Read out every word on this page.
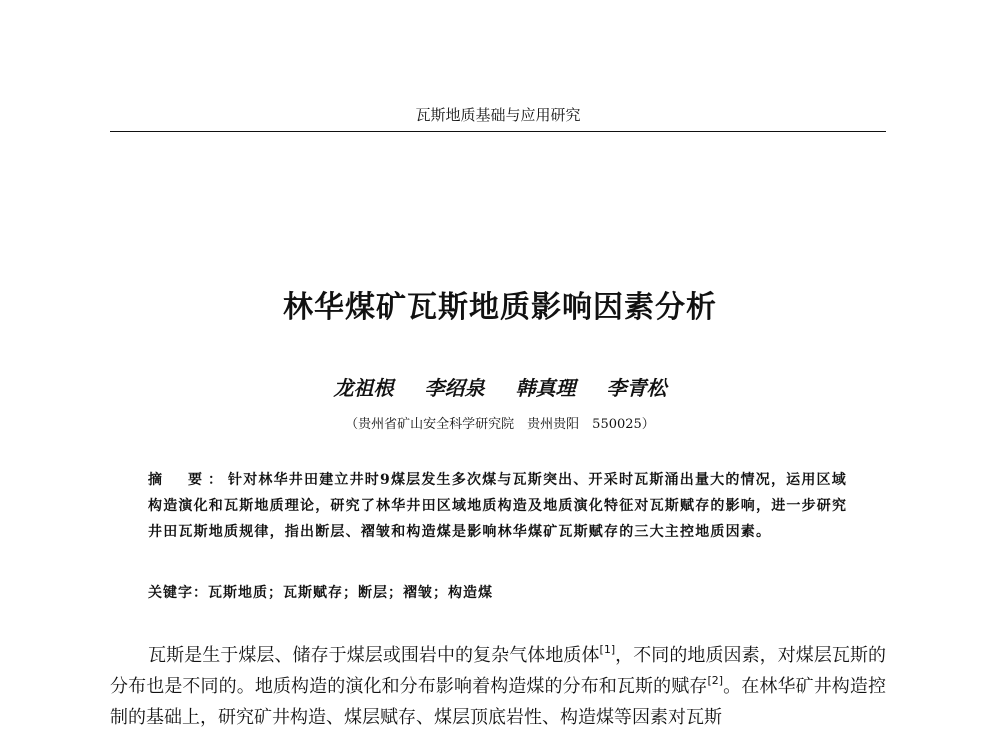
瓦斯地质基础与应用研究
林华煤矿瓦斯地质影响因素分析
龙祖根 李绍泉 韩真理 李青松
（贵州省矿山安全科学研究院　贵州贵阳　550025）
摘　要：针对林华井田建立井时9煤层发生多次煤与瓦斯突出、开采时瓦斯涌出量大的情况，运用区域构造演化和瓦斯地质理论，研究了林华井田区域地质构造及地质演化特征对瓦斯赋存的影响，进一步研究井田瓦斯地质规律，指出断层、褶皱和构造煤是影响林华煤矿瓦斯赋存的三大主控地质因素。
关键字：瓦斯地质；瓦斯赋存；断层；褶皱；构造煤
瓦斯是生于煤层、储存于煤层或围岩中的复杂气体地质体[1]，不同的地质因素，对煤层瓦斯的分布也是不同的。地质构造的演化和分布影响着构造煤的分布和瓦斯的赋存[2]。在林华矿井构造控制的基础上，研究矿井构造、煤层赋存、煤层顶底岩性、构造煤等因素对瓦斯
